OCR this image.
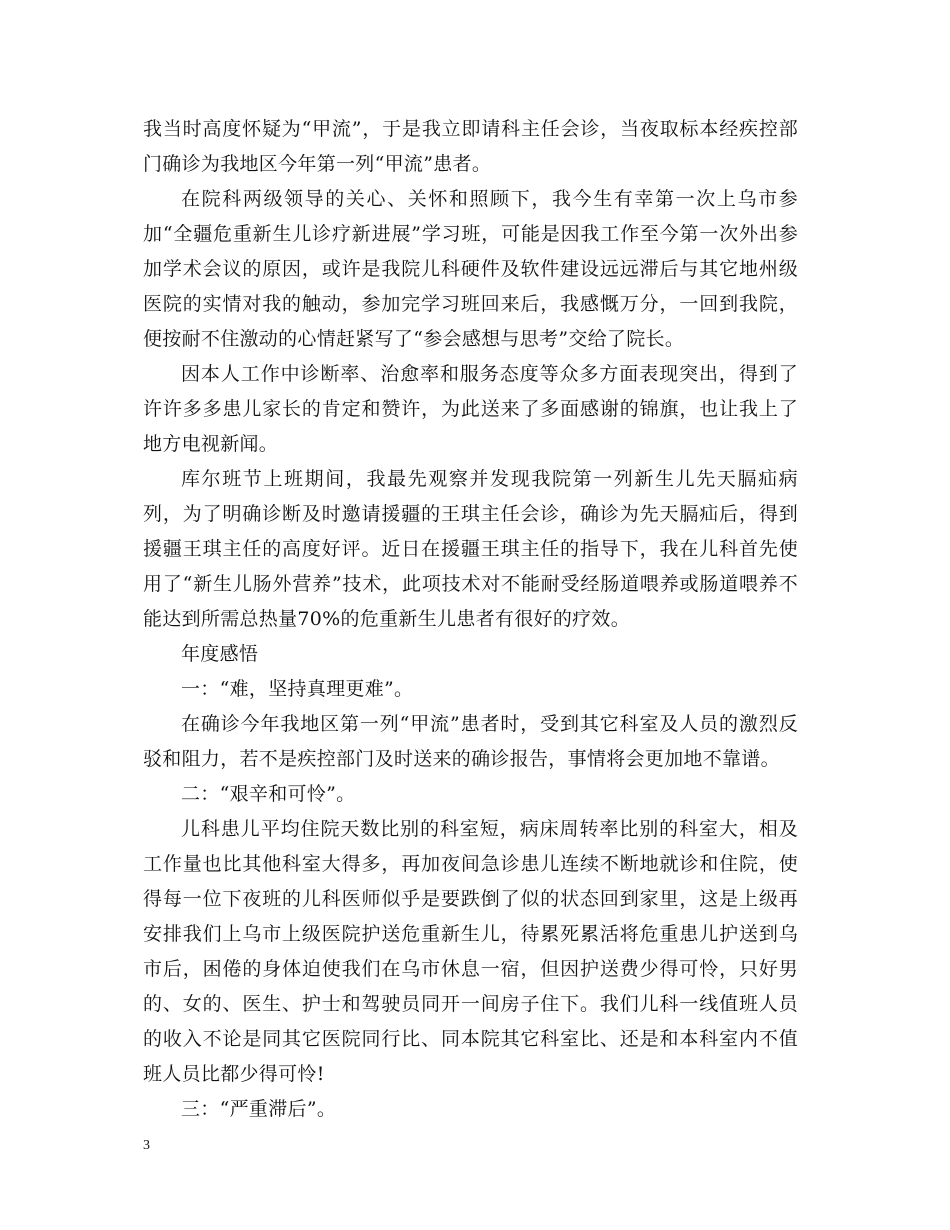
我当时高度怀疑为“甲流”，于是我立即请科主任会诊，当夜取标本经疾控部门确诊为我地区今年第一列“甲流”患者。

在院科两级领导的关心、关怀和照顾下，我今生有幸第一次上乌市参加“全疆危重新生儿诊疗新进展”学习班，可能是因我工作至今第一次外出参加学术会议的原因，或许是我院儿科硬件及软件建设远远滞后与其它地州级医院的实情对我的触动，参加完学习班回来后，我感慨万分，一回到我院，便按耐不住激动的心情赶紧写了“参会感想与思考”交给了院长。

因本人工作中诊断率、治愈率和服务态度等众多方面表现突出，得到了许许多多患儿家长的肯定和赞许，为此送来了多面感谢的锦旗，也让我上了地方电视新闻。

库尔班节上班期间，我最先观察并发现我院第一列新生儿先天膈疝病列，为了明确诊断及时邀请援疆的王琪主任会诊，确诊为先天膈疝后，得到援疆王琪主任的高度好评。近日在援疆王琪主任的指导下，我在儿科首先使用了“新生儿肠外营养”技术，此项技术对不能耐受经肠道喂养或肠道喂养不能达到所需总热量70%的危重新生儿患者有很好的疗效。

年度感悟

一：“难，坚持真理更难”。

在确诊今年我地区第一列“甲流”患者时，受到其它科室及人员的激烈反驳和阻力，若不是疾控部门及时送来的确诊报告，事情将会更加地不靠谱。

二：“艰辛和可怜”。

儿科患儿平均住院天数比别的科室短，病床周转率比别的科室大，相及工作量也比其他科室大得多，再加夜间急诊患儿连续不断地就诊和住院，使得每一位下夜班的儿科医师似乎是要跌倒了似的状态回到家里，这是上级再安排我们上乌市上级医院护送危重新生儿，待累死累活将危重患儿护送到乌市后，困倦的身体迫使我们在乌市休息一宿，但因护送费少得可怜，只好男的、女的、医生、护士和驾驶员同开一间房子住下。我们儿科一线值班人员的收入不论是同其它医院同行比、同本院其它科室比、还是和本科室内不值班人员比都少得可怜!

三：“严重滞后”。

3
